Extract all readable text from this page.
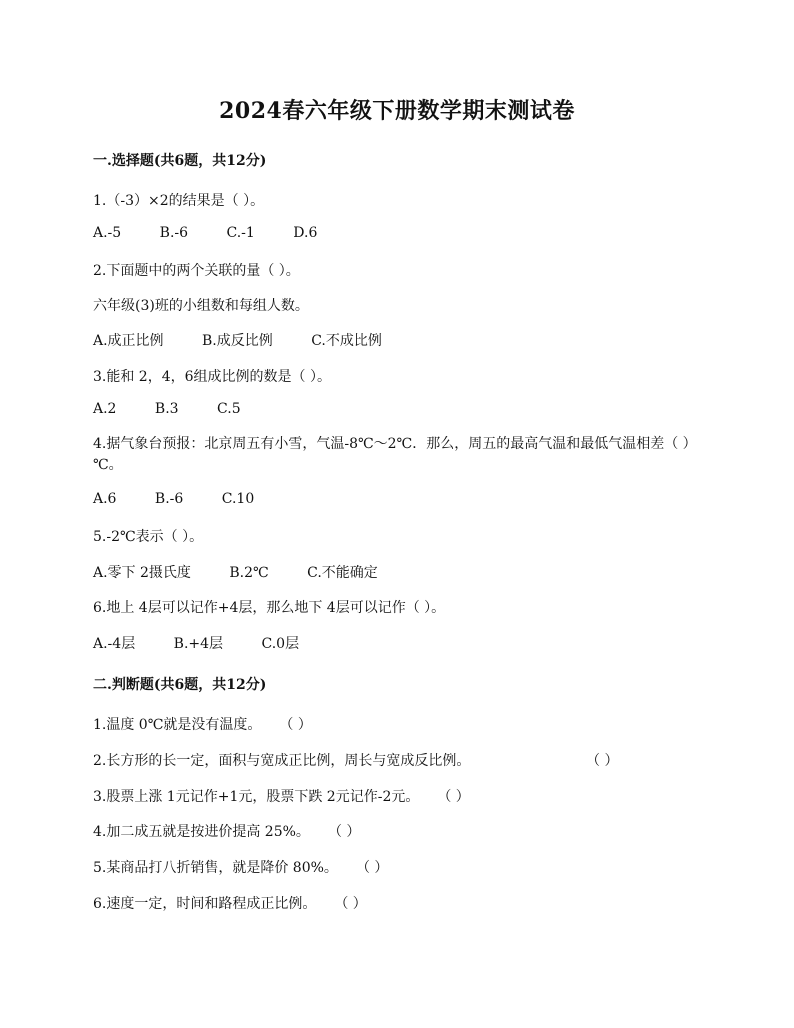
2024春六年级下册数学期末测试卷
一.选择题(共6题，共12分)
1.（-3）×2的结果是（ ）。
A.-5	B.-6	C.-1	D.6
2.下面题中的两个关联的量（ ）。
六年级(3)班的小组数和每组人数。
A.成正比例	B.成反比例	C.不成比例
3.能和 2，4，6组成比例的数是（ ）。
A.2	B.3	C.5
4.据气象台预报：北京周五有小雪，气温-8℃～2℃．那么，周五的最高气温和最低气温相差（ ）℃。
A.6	B.-6	C.10
5.-2℃表示（ ）。
A.零下 2摄氏度	B.2℃	C.不能确定
6.地上 4层可以记作+4层，那么地下 4层可以记作（ ）。
A.-4层	B.+4层	C.0层
二.判断题(共6题，共12分)
1.温度 0℃就是没有温度。 （ ）
2.长方形的长一定，面积与宽成正比例，周长与宽成反比例。	（ ）
3.股票上涨 1元记作+1元，股票下跌 2元记作-2元。 （ ）
4.加二成五就是按进价提高 25%。 （ ）
5.某商品打八折销售，就是降价 80%。 （ ）
6.速度一定，时间和路程成正比例。 （ ）
